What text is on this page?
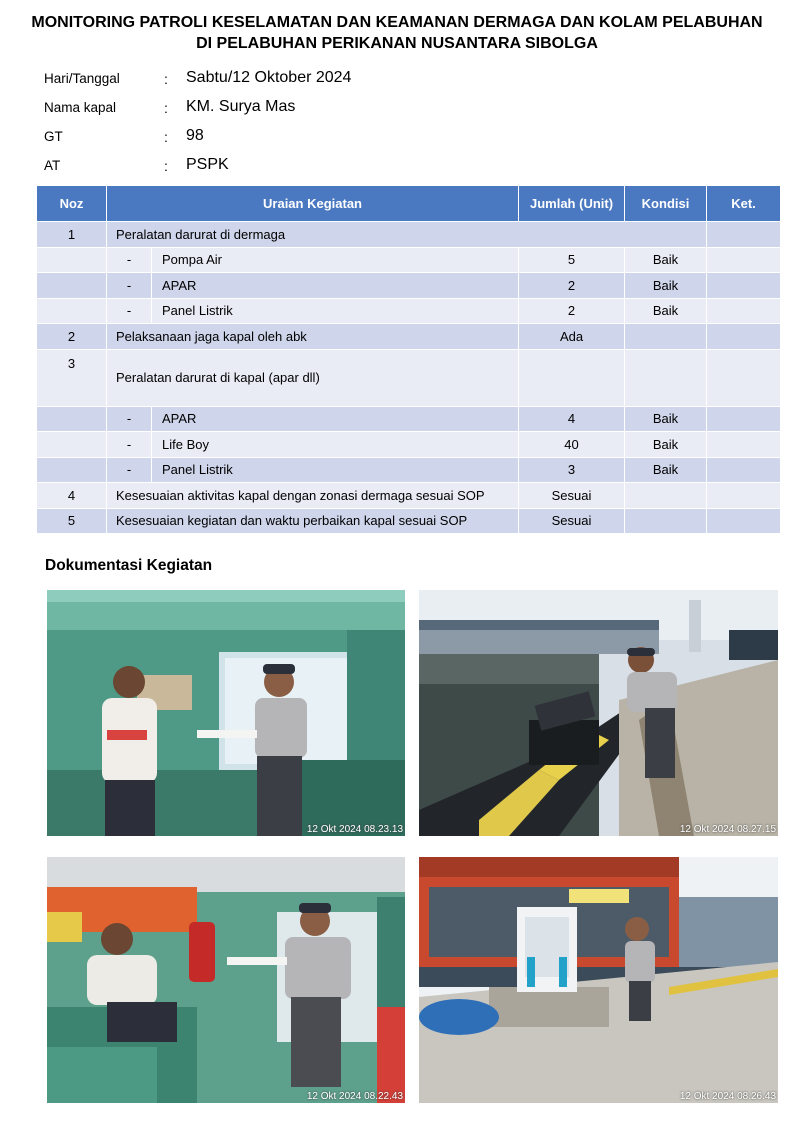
MONITORING PATROLI KESELAMATAN DAN KEAMANAN DERMAGA DAN KOLAM PELABUHAN
DI PELABUHAN PERIKANAN NUSANTARA SIBOLGA
Hari/Tanggal	: Sabtu/12 Oktober 2024
Nama kapal	: KM. Surya Mas
GT	: 98
AT	: PSPK
Noz	Uraian Kegiatan		Jumlah (Unit)	Kondisi	Ket.
1	Peralatan darurat di dermaga				
	-	Pompa Air	5	Baik	
	-	APAR	2	Baik	
	-	Panel Listrik	2	Baik	
2	Pelaksanaan jaga kapal oleh abk		Ada		
3	Peralatan darurat di kapal (apar dll)				
	-	APAR	4	Baik	
	-	Life Boy	40	Baik	
	-	Panel Listrik	3	Baik	
4	Kesesuaian aktivitas kapal dengan zonasi dermaga sesuai SOP		Sesuai		
5	Kesesuaian kegiatan dan waktu perbaikan kapal sesuai SOP		Sesuai		
Dokumentasi Kegiatan
12 Okt 2024 08.23.13	12 Okt 2024 08.27.15
12 Okt 2024 08.22.43	12 Okt 2024 08.26.43
